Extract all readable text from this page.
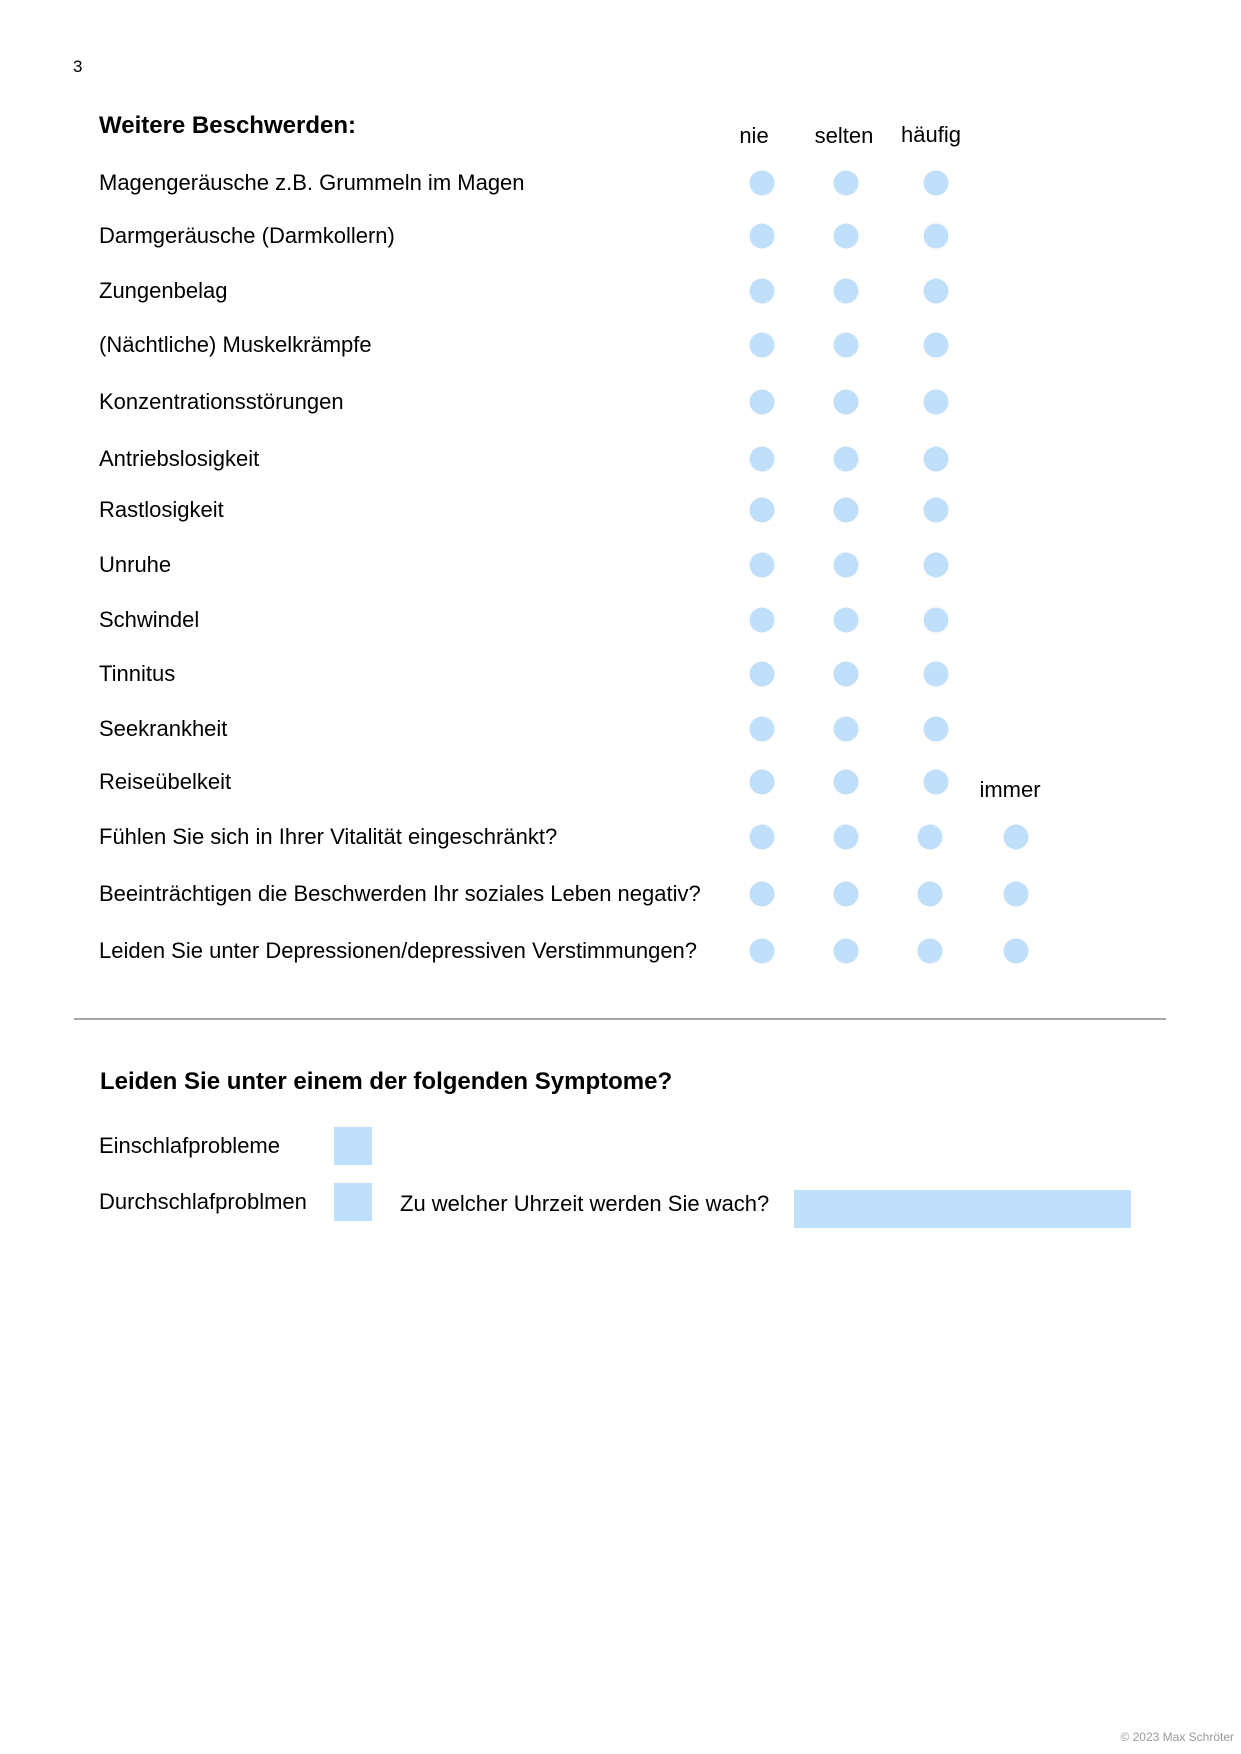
3
Weitere Beschwerden:	nie selten häufig
immer
Magengeräusche z.B. Grummeln im Magen
Darmgeräusche (Darmkollern)
Zungenbelag
(Nächtliche) Muskelkrämpfe
Konzentrationsstörungen
Antriebslosigkeit
Rastlosigkeit
Unruhe
Schwindel
Tinnitus
Seekrankheit
Reiseübelkeit
Fühlen Sie sich in Ihrer Vitalität eingeschränkt?
Beeinträchtigen die Beschwerden Ihr soziales Leben negativ?
Leiden Sie unter Depressionen/depressiven Verstimmungen?
Leiden Sie unter einem der folgenden Symptome?
Einschlafprobleme
Durchschlafproblmen	Zu welcher Uhrzeit werden Sie wach?
© 2023 Max Schröter
